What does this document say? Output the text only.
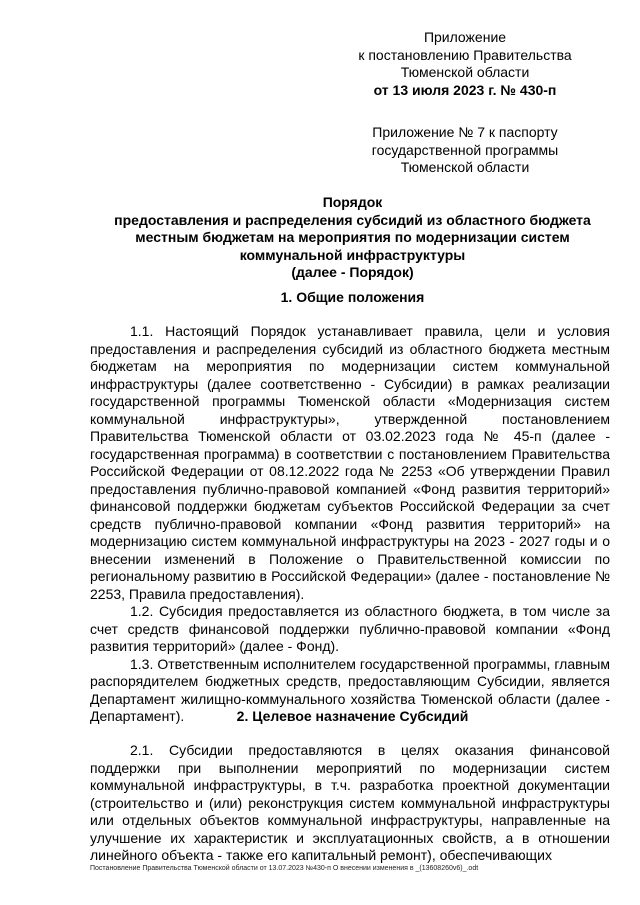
Приложение
к постановлению Правительства
Тюменской области
от 13 июля 2023 г. № 430-п
Приложение № 7 к паспорту
государственной программы
Тюменской области
Порядок
предоставления и распределения субсидий из областного бюджета
местным бюджетам на мероприятия по модернизации систем
коммунальной инфраструктуры
(далее - Порядок)
1. Общие положения

1.1. Настоящий Порядок устанавливает правила, цели и условия предоставления и распределения субсидий из областного бюджета местным бюджетам на мероприятия по модернизации систем коммунальной инфраструктуры (далее соответственно - Субсидии) в рамках реализации государственной программы Тюменской области «Модернизация систем коммунальной инфраструктуры», утвержденной постановлением Правительства Тюменской области от 03.02.2023 года № 45-п (далее - государственная программа) в соответствии с постановлением Правительства Российской Федерации от 08.12.2022 года № 2253 «Об утверждении Правил предоставления публично-правовой компанией «Фонд развития территорий» финансовой поддержки бюджетам субъектов Российской Федерации за счет средств публично-правовой компании «Фонд развития территорий» на модернизацию систем коммунальной инфраструктуры на 2023 - 2027 годы и о внесении изменений в Положение о Правительственной комиссии по региональному развитию в Российской Федерации» (далее - постановление № 2253, Правила предоставления).

1.2. Субсидия предоставляется из областного бюджета, в том числе за счет средств финансовой поддержки публично-правовой компании «Фонд развития территорий» (далее - Фонд).

1.3. Ответственным исполнителем государственной программы, главным распорядителем бюджетных средств, предоставляющим Субсидии, является Департамент жилищно-коммунального хозяйства Тюменской области (далее - Департамент).	2. Целевое назначение Субсидий

2.1. Субсидии предоставляются в целях оказания финансовой поддержки при выполнении мероприятий по модернизации систем коммунальной инфраструктуры, в т.ч. разработка проектной документации (строительство и (или) реконструкция систем коммунальной инфраструктуры или отдельных объектов коммунальной инфраструктуры, направленные на улучшение их характеристик и эксплуатационных свойств, а в отношении линейного объекта - также его капитальный ремонт), обеспечивающих

Постановление Правительства Тюменской области от 13.07.2023 №430-п О внесении изменения в _(13608260v6)_.odt
